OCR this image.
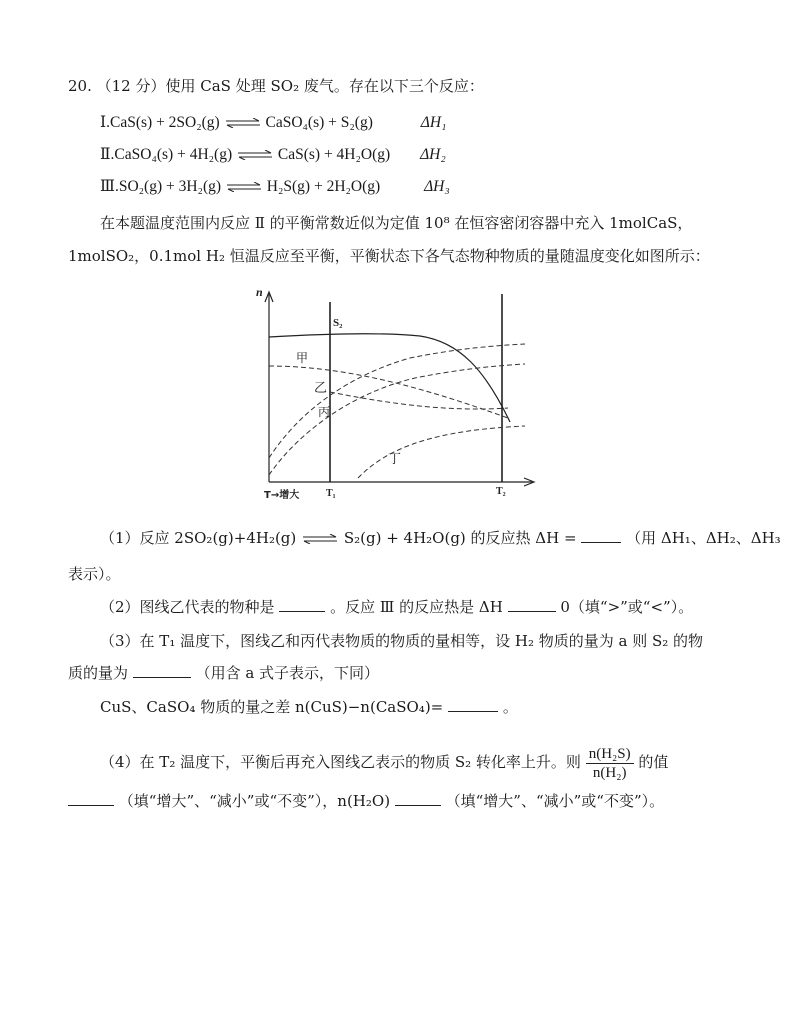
20. （12 分）使用 CaS 处理 SO₂ 废气。存在以下三个反应：
Ⅰ.CaS(s) + 2SO₂(g) ⇌ CaSO₄(s) + S₂(g)	ΔH₁
Ⅱ.CaSO₄(s) + 4H₂(g) ⇌ CaS(s) + 4H₂O(g) ΔH₂
Ⅲ.SO₂(g) + 3H₂(g) ⇌ H₂S(g) + 2H₂O(g)	ΔH₃
在本题温度范围内反应 Ⅱ 的平衡常数近似为定值 10⁸ 在恒容密闭容器中充入 1molCaS，
1molSO₂，0.1mol H₂ 恒温反应至平衡，平衡状态下各气态物种物质的量随温度变化如图所示：
n
S₂
甲
乙
丙
丁
T→增大	T₁	T₂
（1）反应 2SO₂(g)+4H₂(g) ⇌ S₂(g) + 4H₂O(g) 的反应热 ΔH =	（用 ΔH₁、ΔH₂、ΔH₃
表示）。
（2）图线乙代表的物种是	。反应 Ⅲ 的反应热是 ΔH	0（填“>”或“<”）。
（3）在 T₁ 温度下，图线乙和丙代表物质的物质的量相等，设 H₂ 物质的量为 a 则 S₂ 的物
质的量为	（用含 a 式子表示，下同）
CuS、CaSO₄ 物质的量之差 n(CuS)−n(CaSO₄)=	。
（4）在 T₂ 温度下，平衡后再充入图线乙表示的物质 S₂ 转化率上升。则 $\frac{\text{n(H₂S)}}{\text{n(H₂)}}$ 的值
（填“增大”、“减小”或“不变”），n(H₂O)	（填“增大”、“减小”或“不变”）。
